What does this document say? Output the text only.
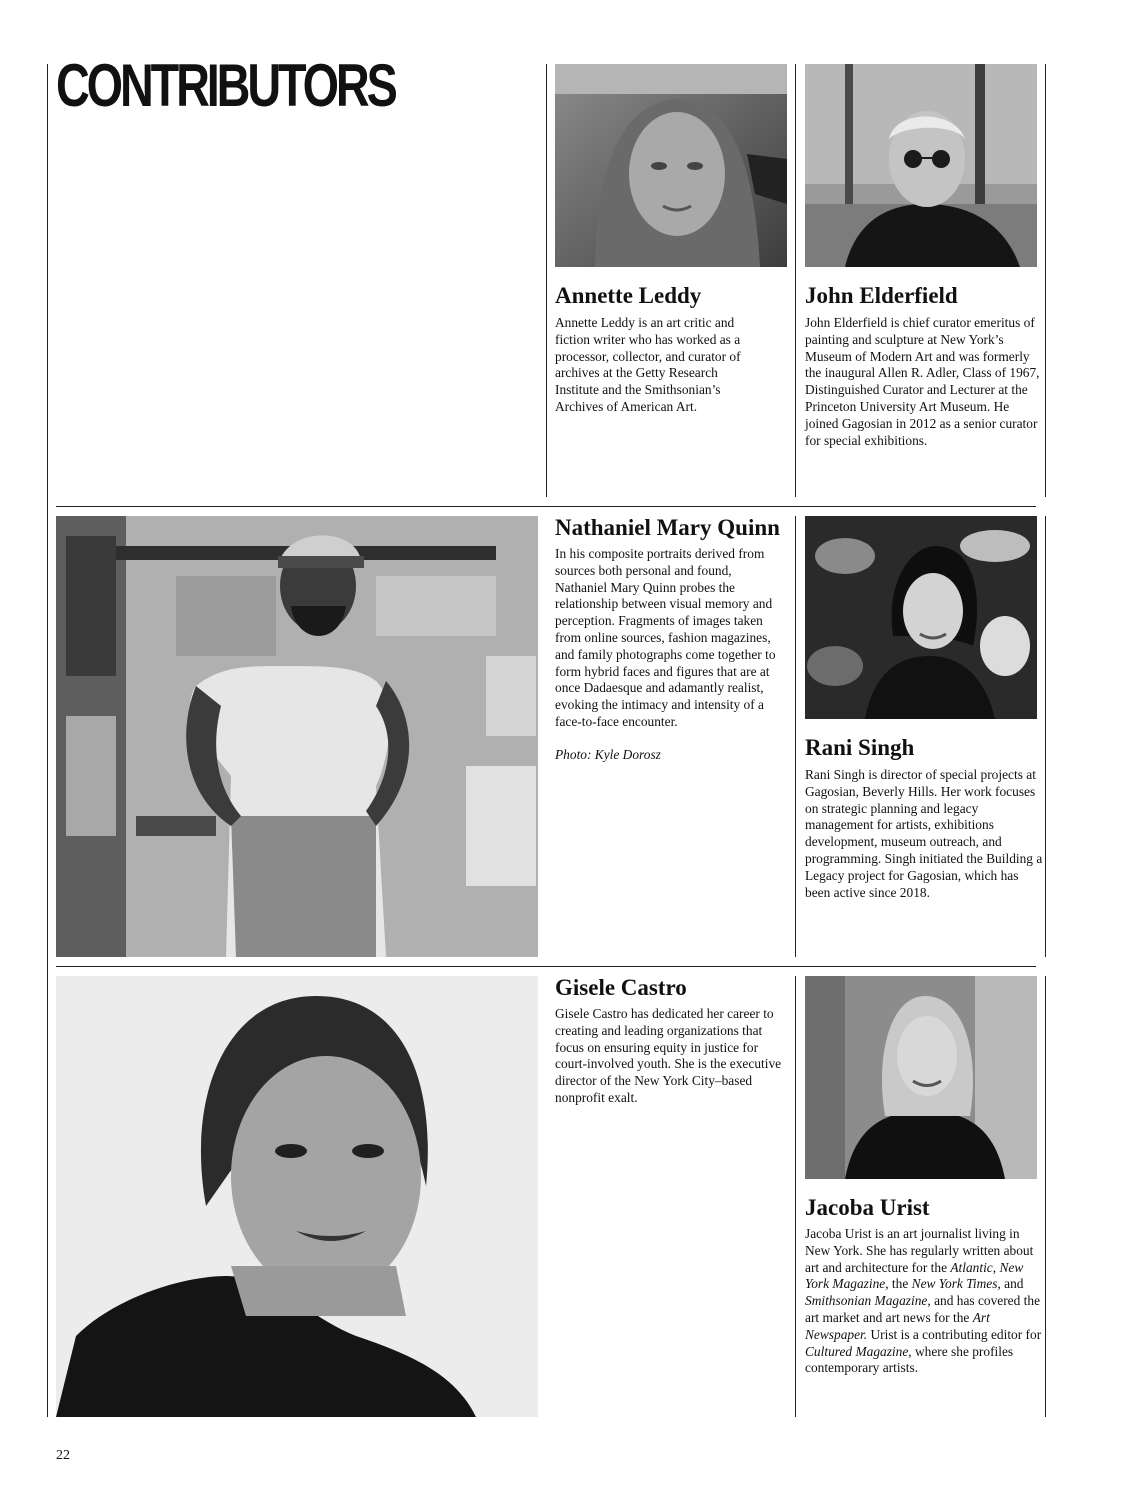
CONTRIBUTORS
Annette Leddy

Annette Leddy is an art critic and fiction writer who has worked as a processor, collector, and curator of archives at the Getty Research Institute and the Smithsonian’s Archives of American Art.

John Elderfield

John Elderfield is chief curator emeritus of painting and sculpture at New York’s Museum of Modern Art and was formerly the inaugural Allen R. Adler, Class of 1967, Distinguished Curator and Lecturer at the Princeton University Art Museum. He joined Gagosian in 2012 as a senior curator for special exhibitions.

Nathaniel Mary Quinn

In his composite portraits derived from sources both personal and found, Nathaniel Mary Quinn probes the relationship between visual memory and perception. Fragments of images taken from online sources, fashion magazines, and family photographs come together to form hybrid faces and figures that are at once Dadaesque and adamantly realist, evoking the intimacy and intensity of a face-to-face encounter.

Photo: Kyle Dorosz	Rani Singh

Rani Singh is director of special projects at Gagosian, Beverly Hills. Her work focuses on strategic planning and legacy management for artists, exhibitions development, museum outreach, and programming. Singh initiated the Building a Legacy project for Gagosian, which has been active since 2018.

Gisele Castro

Gisele Castro has dedicated her career to creating and leading organizations that focus on ensuring equity in justice for court-involved youth. She is the executive director of the New York City–based nonprofit exalt.

Jacoba Urist

Jacoba Urist is an art journalist living in New York. She has regularly written about art and architecture for the Atlantic, New York Magazine, the New York Times, and Smithsonian Magazine, and has covered the art market and art news for the Art Newspaper. Urist is a contributing editor for Cultured Magazine, where she profiles contemporary artists.

22
